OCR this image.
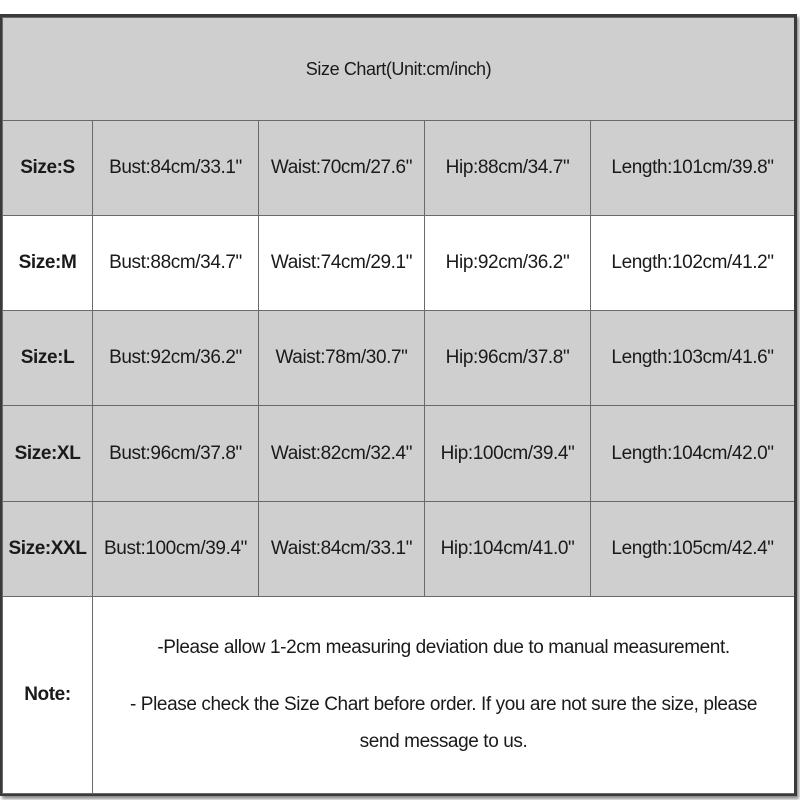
Size Chart(Unit:cm/inch)				
Size:S	Bust:84cm/33.1"	Waist:70cm/27.6"	Hip:88cm/34.7"	Length:101cm/39.8"
Size:M	Bust:88cm/34.7"	Waist:74cm/29.1"	Hip:92cm/36.2"	Length:102cm/41.2"
Size:L	Bust:92cm/36.2"	Waist:78m/30.7"	Hip:96cm/37.8"	Length:103cm/41.6"
Size:XL	Bust:96cm/37.8"	Waist:82cm/32.4"	Hip:100cm/39.4"	Length:104cm/42.0"
Size:XXL	Bust:100cm/39.4"	Waist:84cm/33.1"	Hip:104cm/41.0"	Length:105cm/42.4"
Note:	-Please allow 1-2cm measuring deviation due to manual measurement.
- Please check the Size Chart before order. If you are not sure the size, please send message to us.			
